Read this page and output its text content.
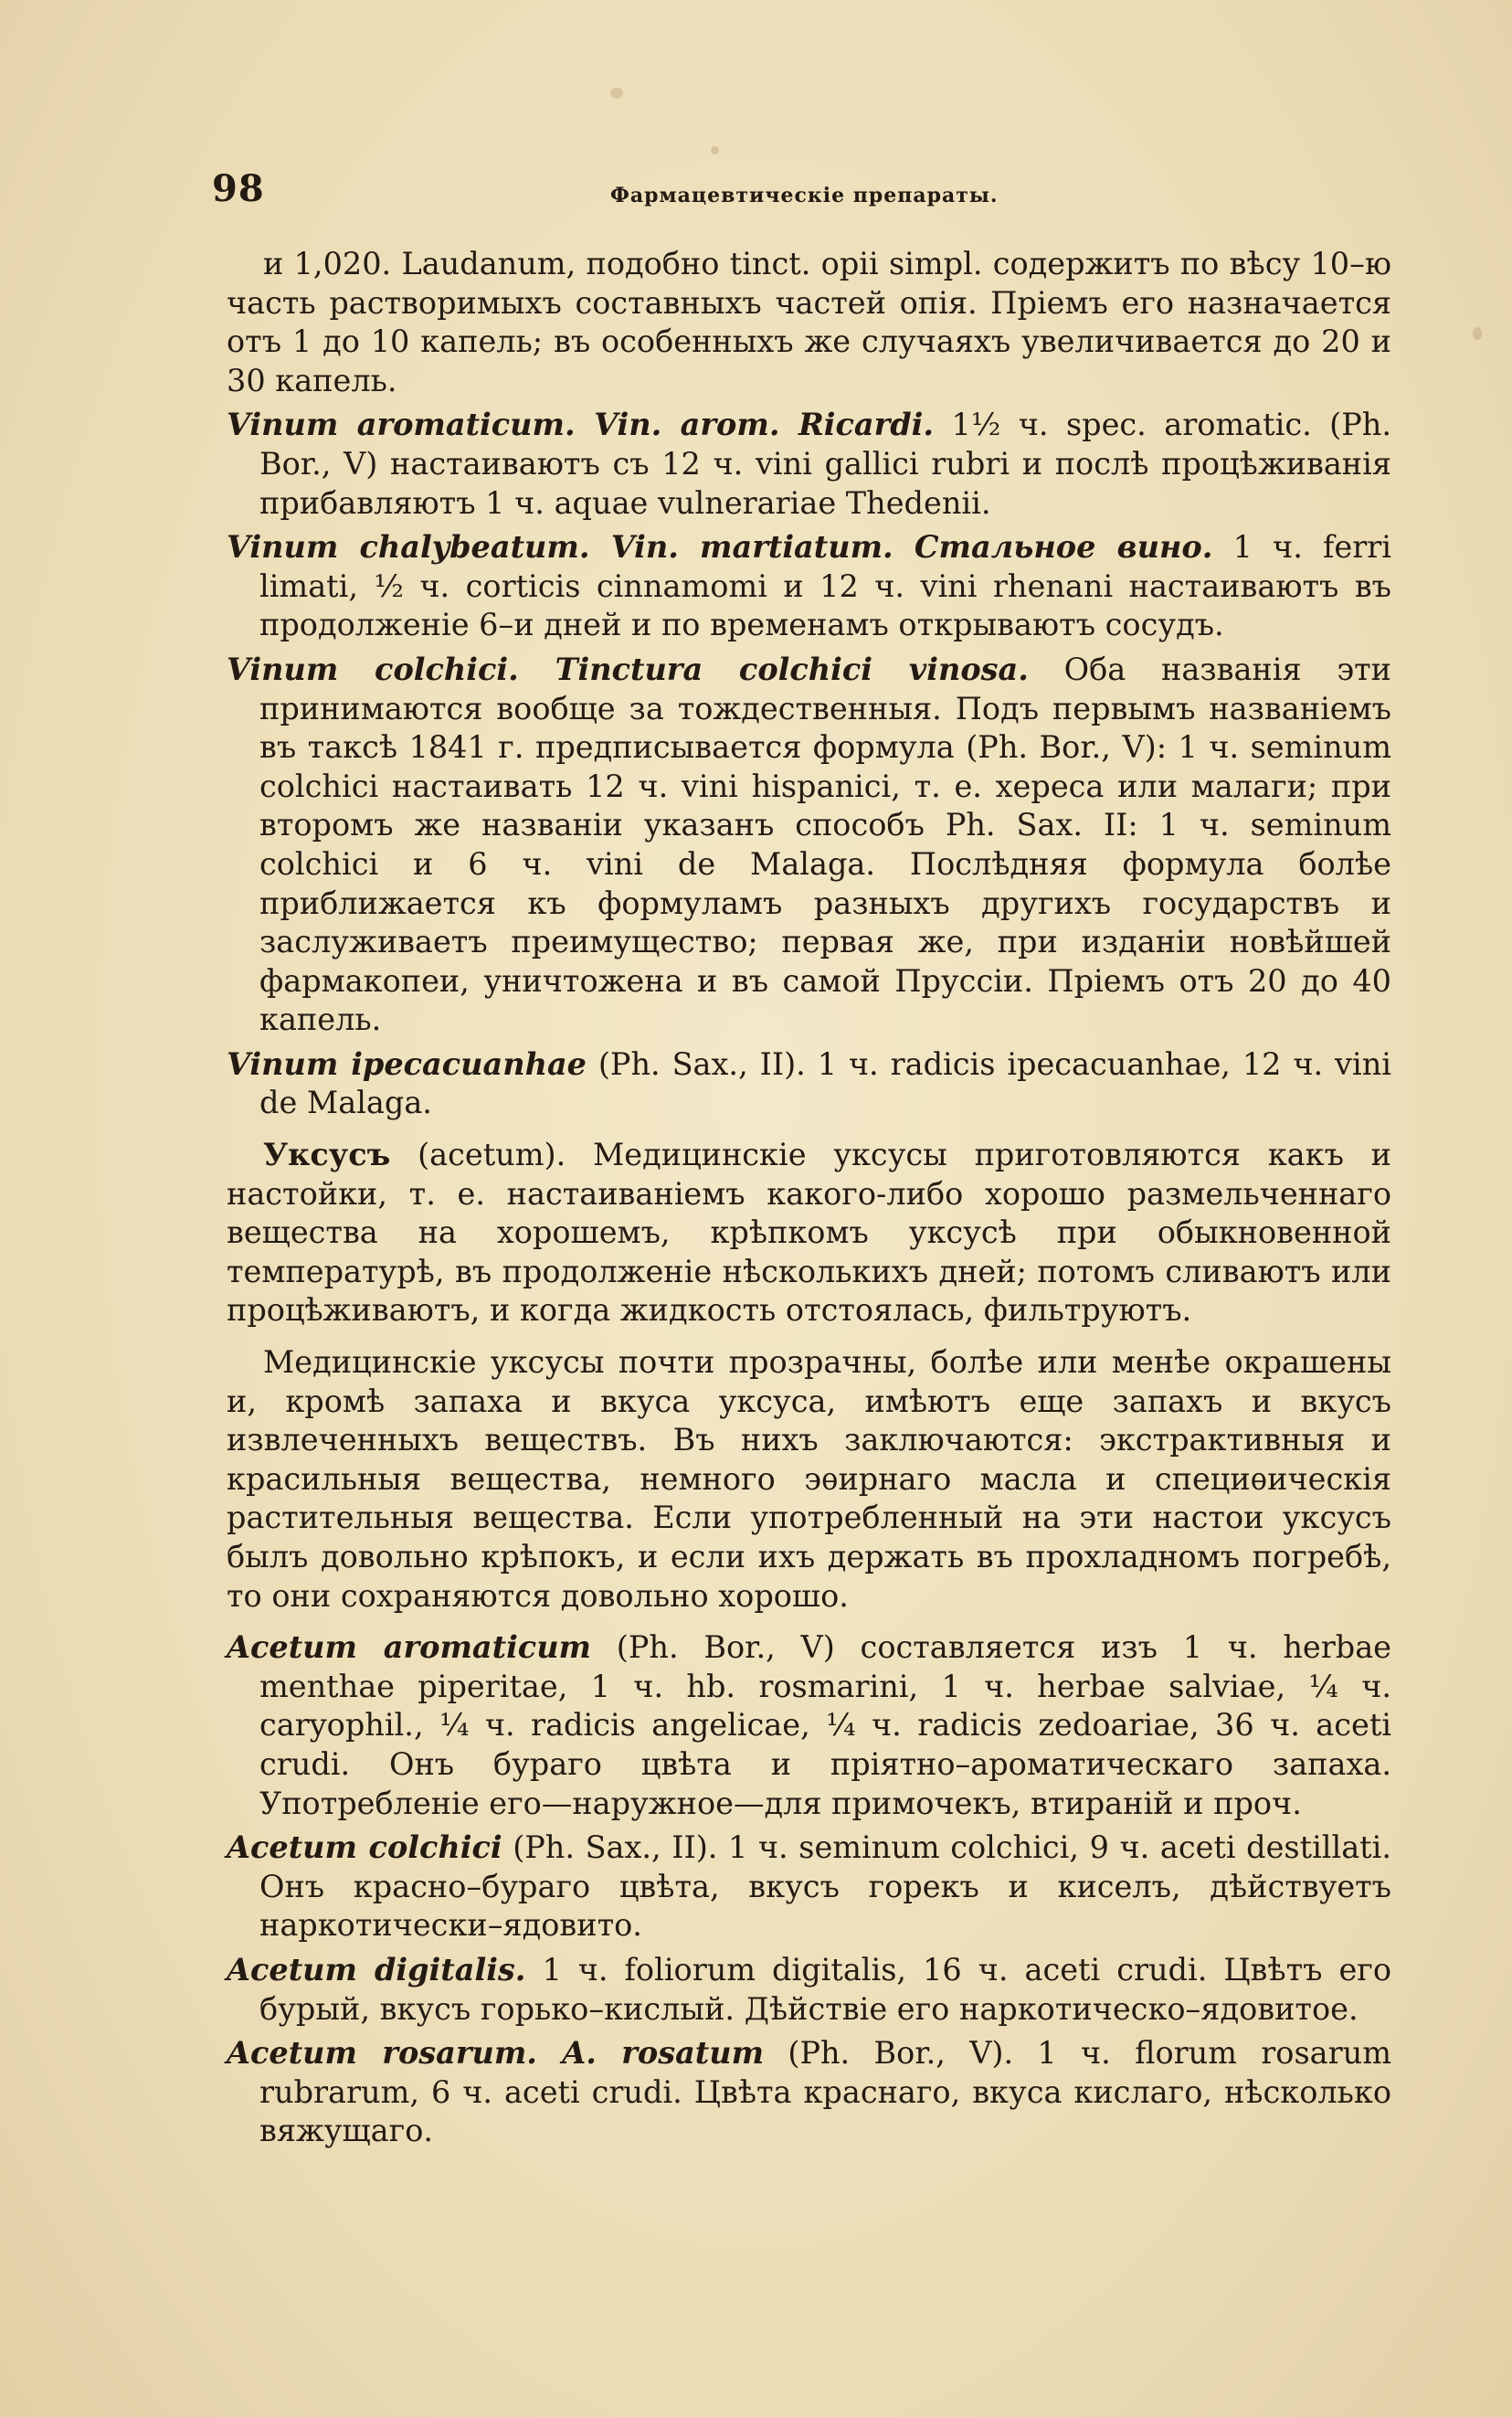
98	Фармацевтическіе препараты.

и 1,020. Laudanum, подобно tinct. opii simpl. содержитъ по вѣсу 10–ю часть растворимыхъ составныхъ частей опія. Пріемъ его назначается отъ 1 до 10 капель; въ особенныхъ же случаяхъ увеличивается до 20 и 30 капель.

Vinum aromaticum. Vin. arom. Ricardi. 1½ ч. spec. aromatic. (Ph. Bor., V) настаиваютъ съ 12 ч. vini gallici rubri и послѣ процѣживанія прибавляютъ 1 ч. aquae vulnerariae Thedenii.

Vinum chalybeatum. Vin. martiatum. Стальное вино. 1 ч. ferri limati, ½ ч. corticis cinnamomi и 12 ч. vini rhenani настаиваютъ въ продолженіе 6–и дней и по временамъ открываютъ сосудъ.

Vinum colchici. Tinctura colchici vinosa. Оба названія эти принимаются вообще за тождественныя. Подъ первымъ названіемъ въ таксѣ 1841 г. предписывается формула (Ph. Bor., V): 1 ч. seminum colchici настаивать 12 ч. vini hispanici, т. е. хереса или малаги; при второмъ же названіи указанъ способъ Ph. Sax. II: 1 ч. seminum colchici и 6 ч. vini de Malaga. Послѣдняя формула болѣе приближается къ формуламъ разныхъ другихъ государствъ и заслуживаетъ преимущество; первая же, при изданіи новѣйшей фармакопеи, уничтожена и въ самой Пруссіи. Пріемъ отъ 20 до 40 капель.

Vinum ipecacuanhae (Ph. Sax., II). 1 ч. radicis ipecacuanhae, 12 ч. vini de Malaga.

Уксусъ (acetum). Медицинскіе уксусы приготовляются какъ и настойки, т. е. настаиваніемъ какого-либо хорошо размельченнаго вещества на хорошемъ, крѣпкомъ уксусѣ при обыкновенной температурѣ, въ продолженіе нѣсколькихъ дней; потомъ сливаютъ или процѣживаютъ, и когда жидкость отстоялась, фильтруютъ.

Медицинскіе уксусы почти прозрачны, болѣе или менѣе окрашены и, кромѣ запаха и вкуса уксуса, имѣютъ еще запахъ и вкусъ извлеченныхъ веществъ. Въ нихъ заключаются: экстрактивныя и красильныя вещества, немного эѳирнаго масла и специѳическія растительныя вещества. Если употребленный на эти настои уксусъ былъ довольно крѣпокъ, и если ихъ держать въ прохладномъ погребѣ, то они сохраняются довольно хорошо.

Acetum aromaticum (Ph. Bor., V) составляется изъ 1 ч. herbae menthae piperitae, 1 ч. hb. rosmarini, 1 ч. herbae salviae, ¼ ч. caryophil., ¼ ч. radicis angelicae, ¼ ч. radicis zedoariae, 36 ч. aceti crudi. Онъ бураго цвѣта и пріятно–ароматическаго запаха. Употребленіе его—наружное—для примочекъ, втираній и проч.

Acetum colchici (Ph. Sax., II). 1 ч. seminum colchici, 9 ч. aceti destillati. Онъ красно–бураго цвѣта, вкусъ горекъ и киселъ, дѣйствуетъ наркотически–ядовито.

Acetum digitalis. 1 ч. foliorum digitalis, 16 ч. aceti crudi. Цвѣтъ его бурый, вкусъ горько–кислый. Дѣйствіе его наркотическо–ядовитое.

Acetum rosarum. A. rosatum (Ph. Bor., V). 1 ч. florum rosarum rubrarum, 6 ч. aceti crudi. Цвѣта краснаго, вкуса кислаго, нѣсколько вяжущаго.
